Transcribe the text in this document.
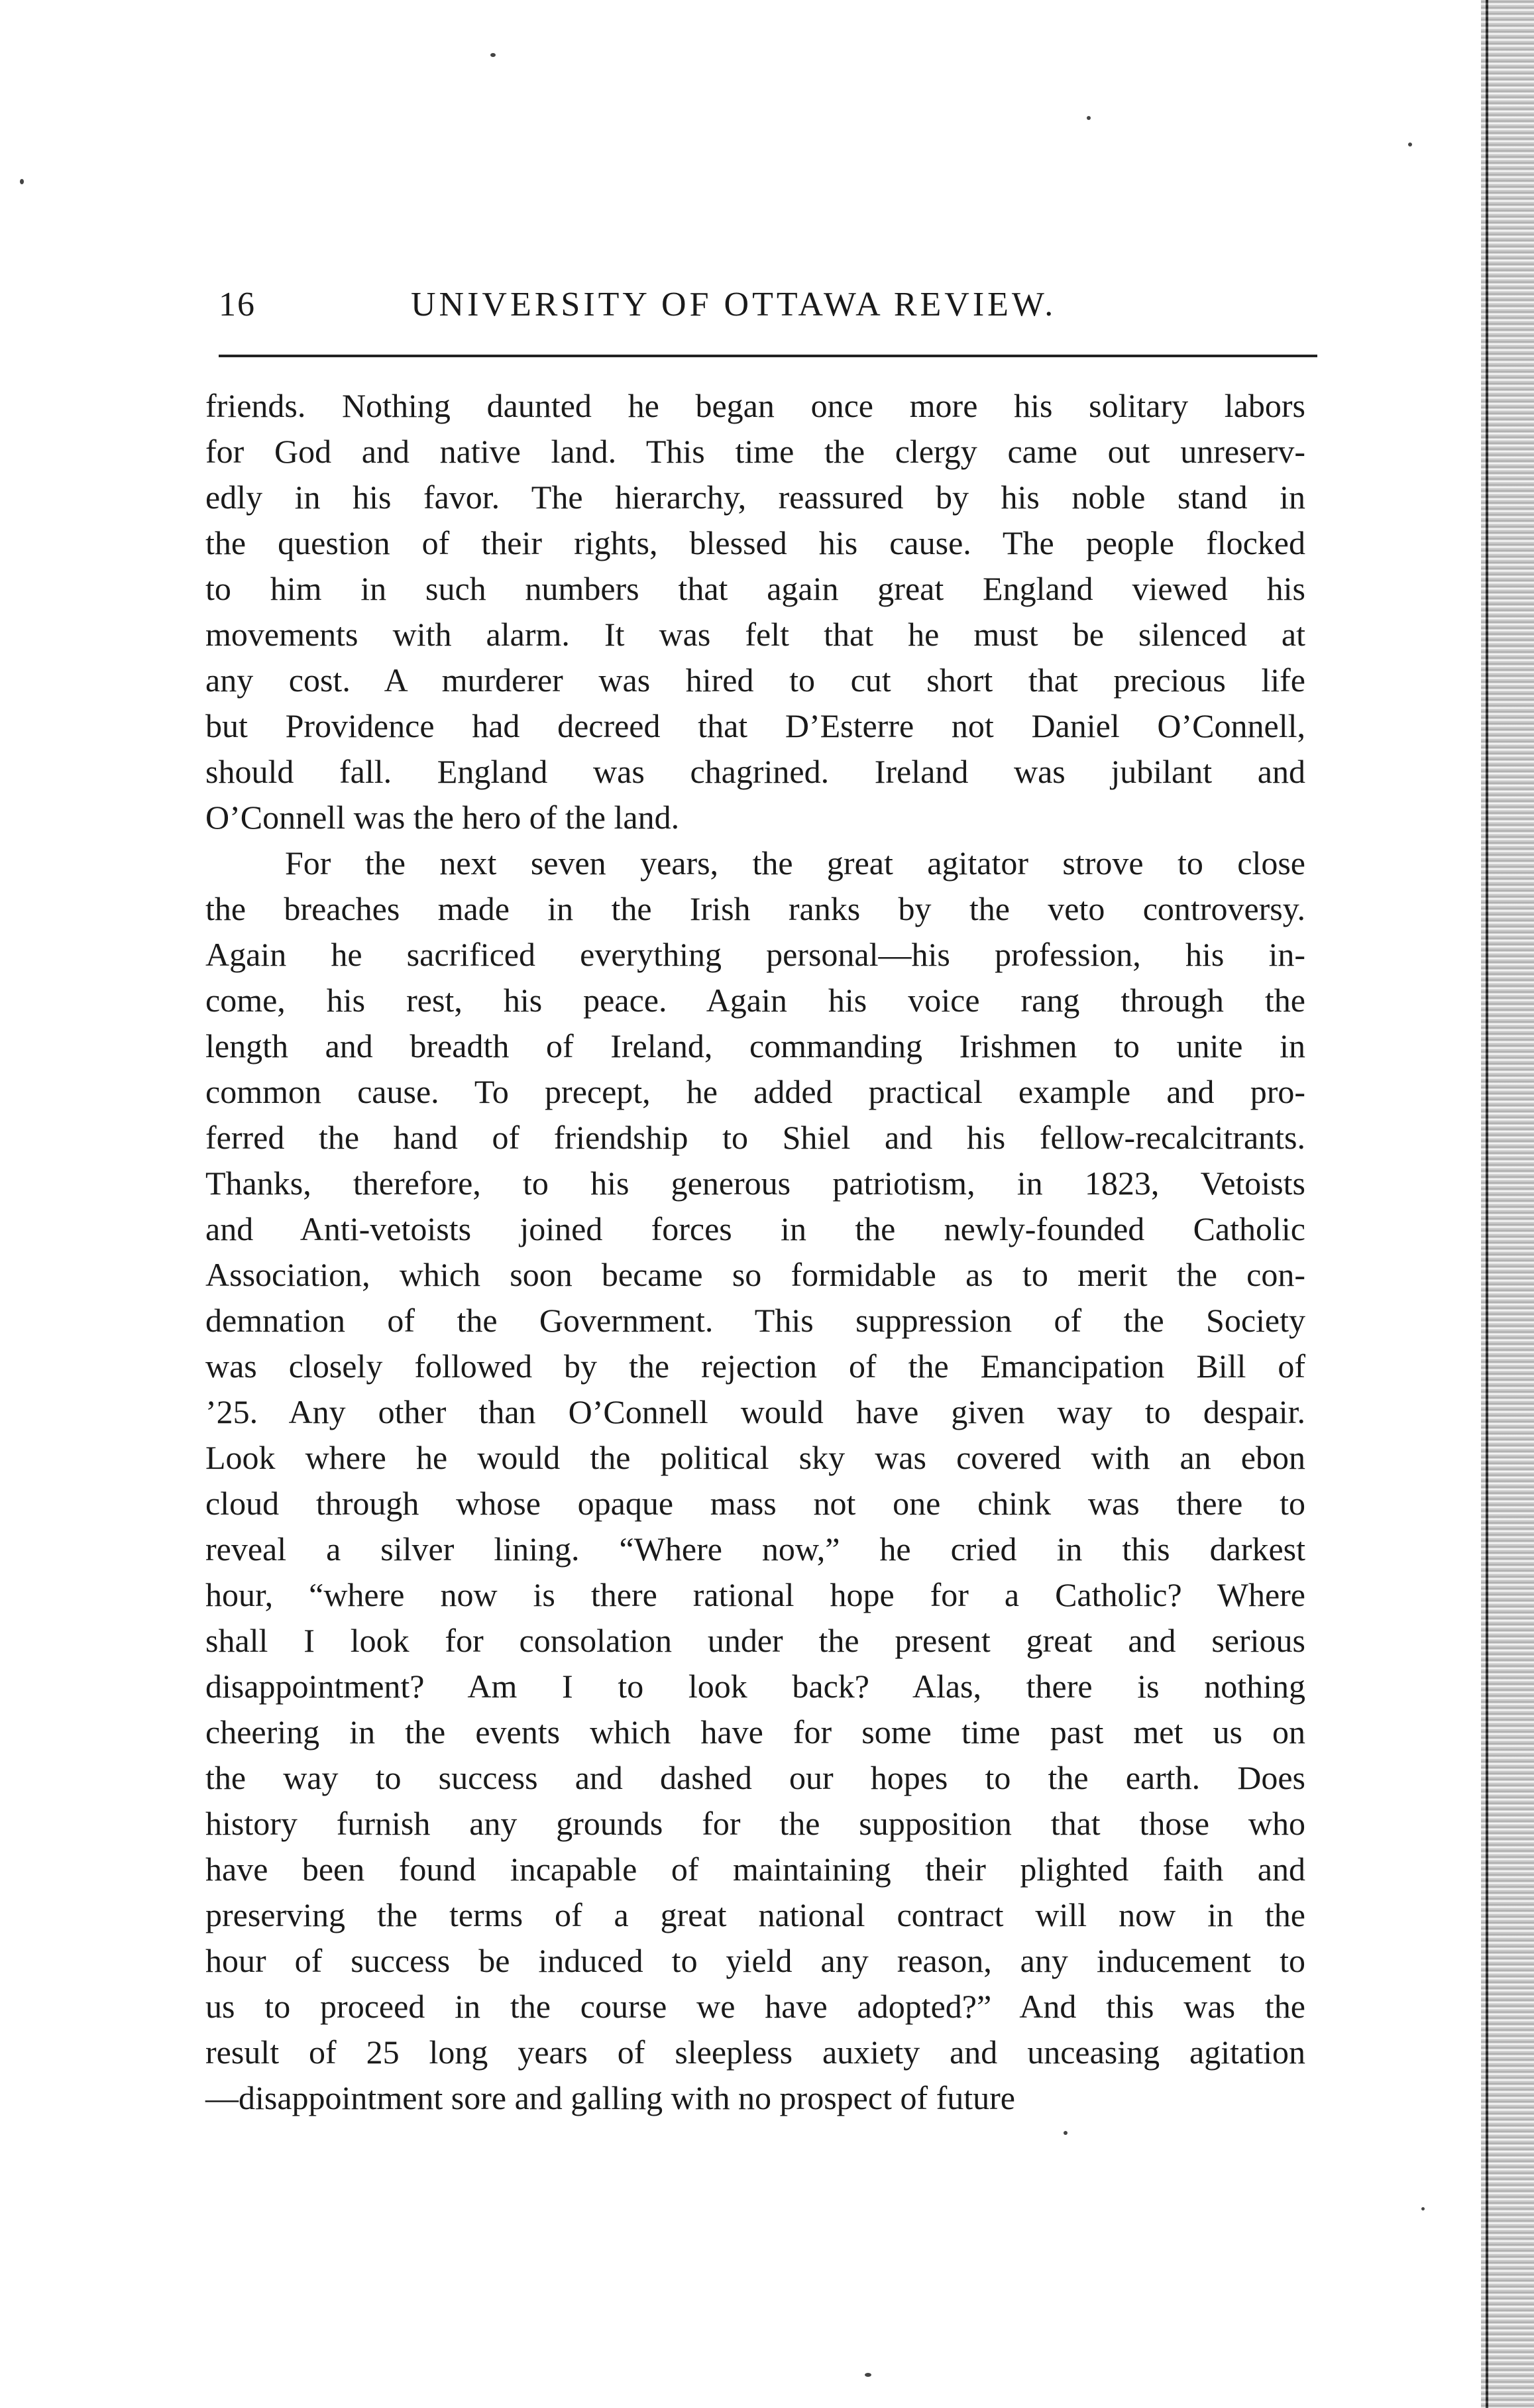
16	UNIVERSITY OF OTTAWA REVIEW.

friends. Nothing daunted he began once more his solitary labors
for God and native land. This time the clergy came out unreserv-
edly in his favor. The hierarchy, reassured by his noble stand in
the question of their rights, blessed his cause. The people flocked
to him in such numbers that again great England viewed his
movements with alarm. It was felt that he must be silenced at
any cost. A murderer was hired to cut short that precious life
but Providence had decreed that D’Esterre not Daniel O’Connell,
should fall. England was chagrined. Ireland was jubilant and
O’Connell was the hero of the land.

For the next seven years, the great agitator strove to close
the breaches made in the Irish ranks by the veto controversy.
Again he sacrificed everything personal—his profession, his in-
come, his rest, his peace. Again his voice rang through the
length and breadth of Ireland, commanding Irishmen to unite in
common cause. To precept, he added practical example and pro-
ferred the hand of friendship to Shiel and his fellow-recalcitrants.
Thanks, therefore, to his generous patriotism, in 1823, Vetoists
and Anti-vetoists joined forces in the newly-founded Catholic
Association, which soon became so formidable as to merit the con-
demnation of the Government. This suppression of the Society
was closely followed by the rejection of the Emancipation Bill of
’25. Any other than O’Connell would have given way to despair.
Look where he would the political sky was covered with an ebon
cloud through whose opaque mass not one chink was there to
reveal a silver lining. “Where now,” he cried in this darkest
hour, “where now is there rational hope for a Catholic? Where
shall I look for consolation under the present great and serious
disappointment? Am I to look back? Alas, there is nothing
cheering in the events which have for some time past met us on
the way to success and dashed our hopes to the earth. Does
history furnish any grounds for the supposition that those who
have been found incapable of maintaining their plighted faith and
preserving the terms of a great national contract will now in the
hour of success be induced to yield any reason, any inducement to
us to proceed in the course we have adopted?” And this was the
result of 25 long years of sleepless auxiety and unceasing agitation
—disappointment sore and galling with no prospect of future
